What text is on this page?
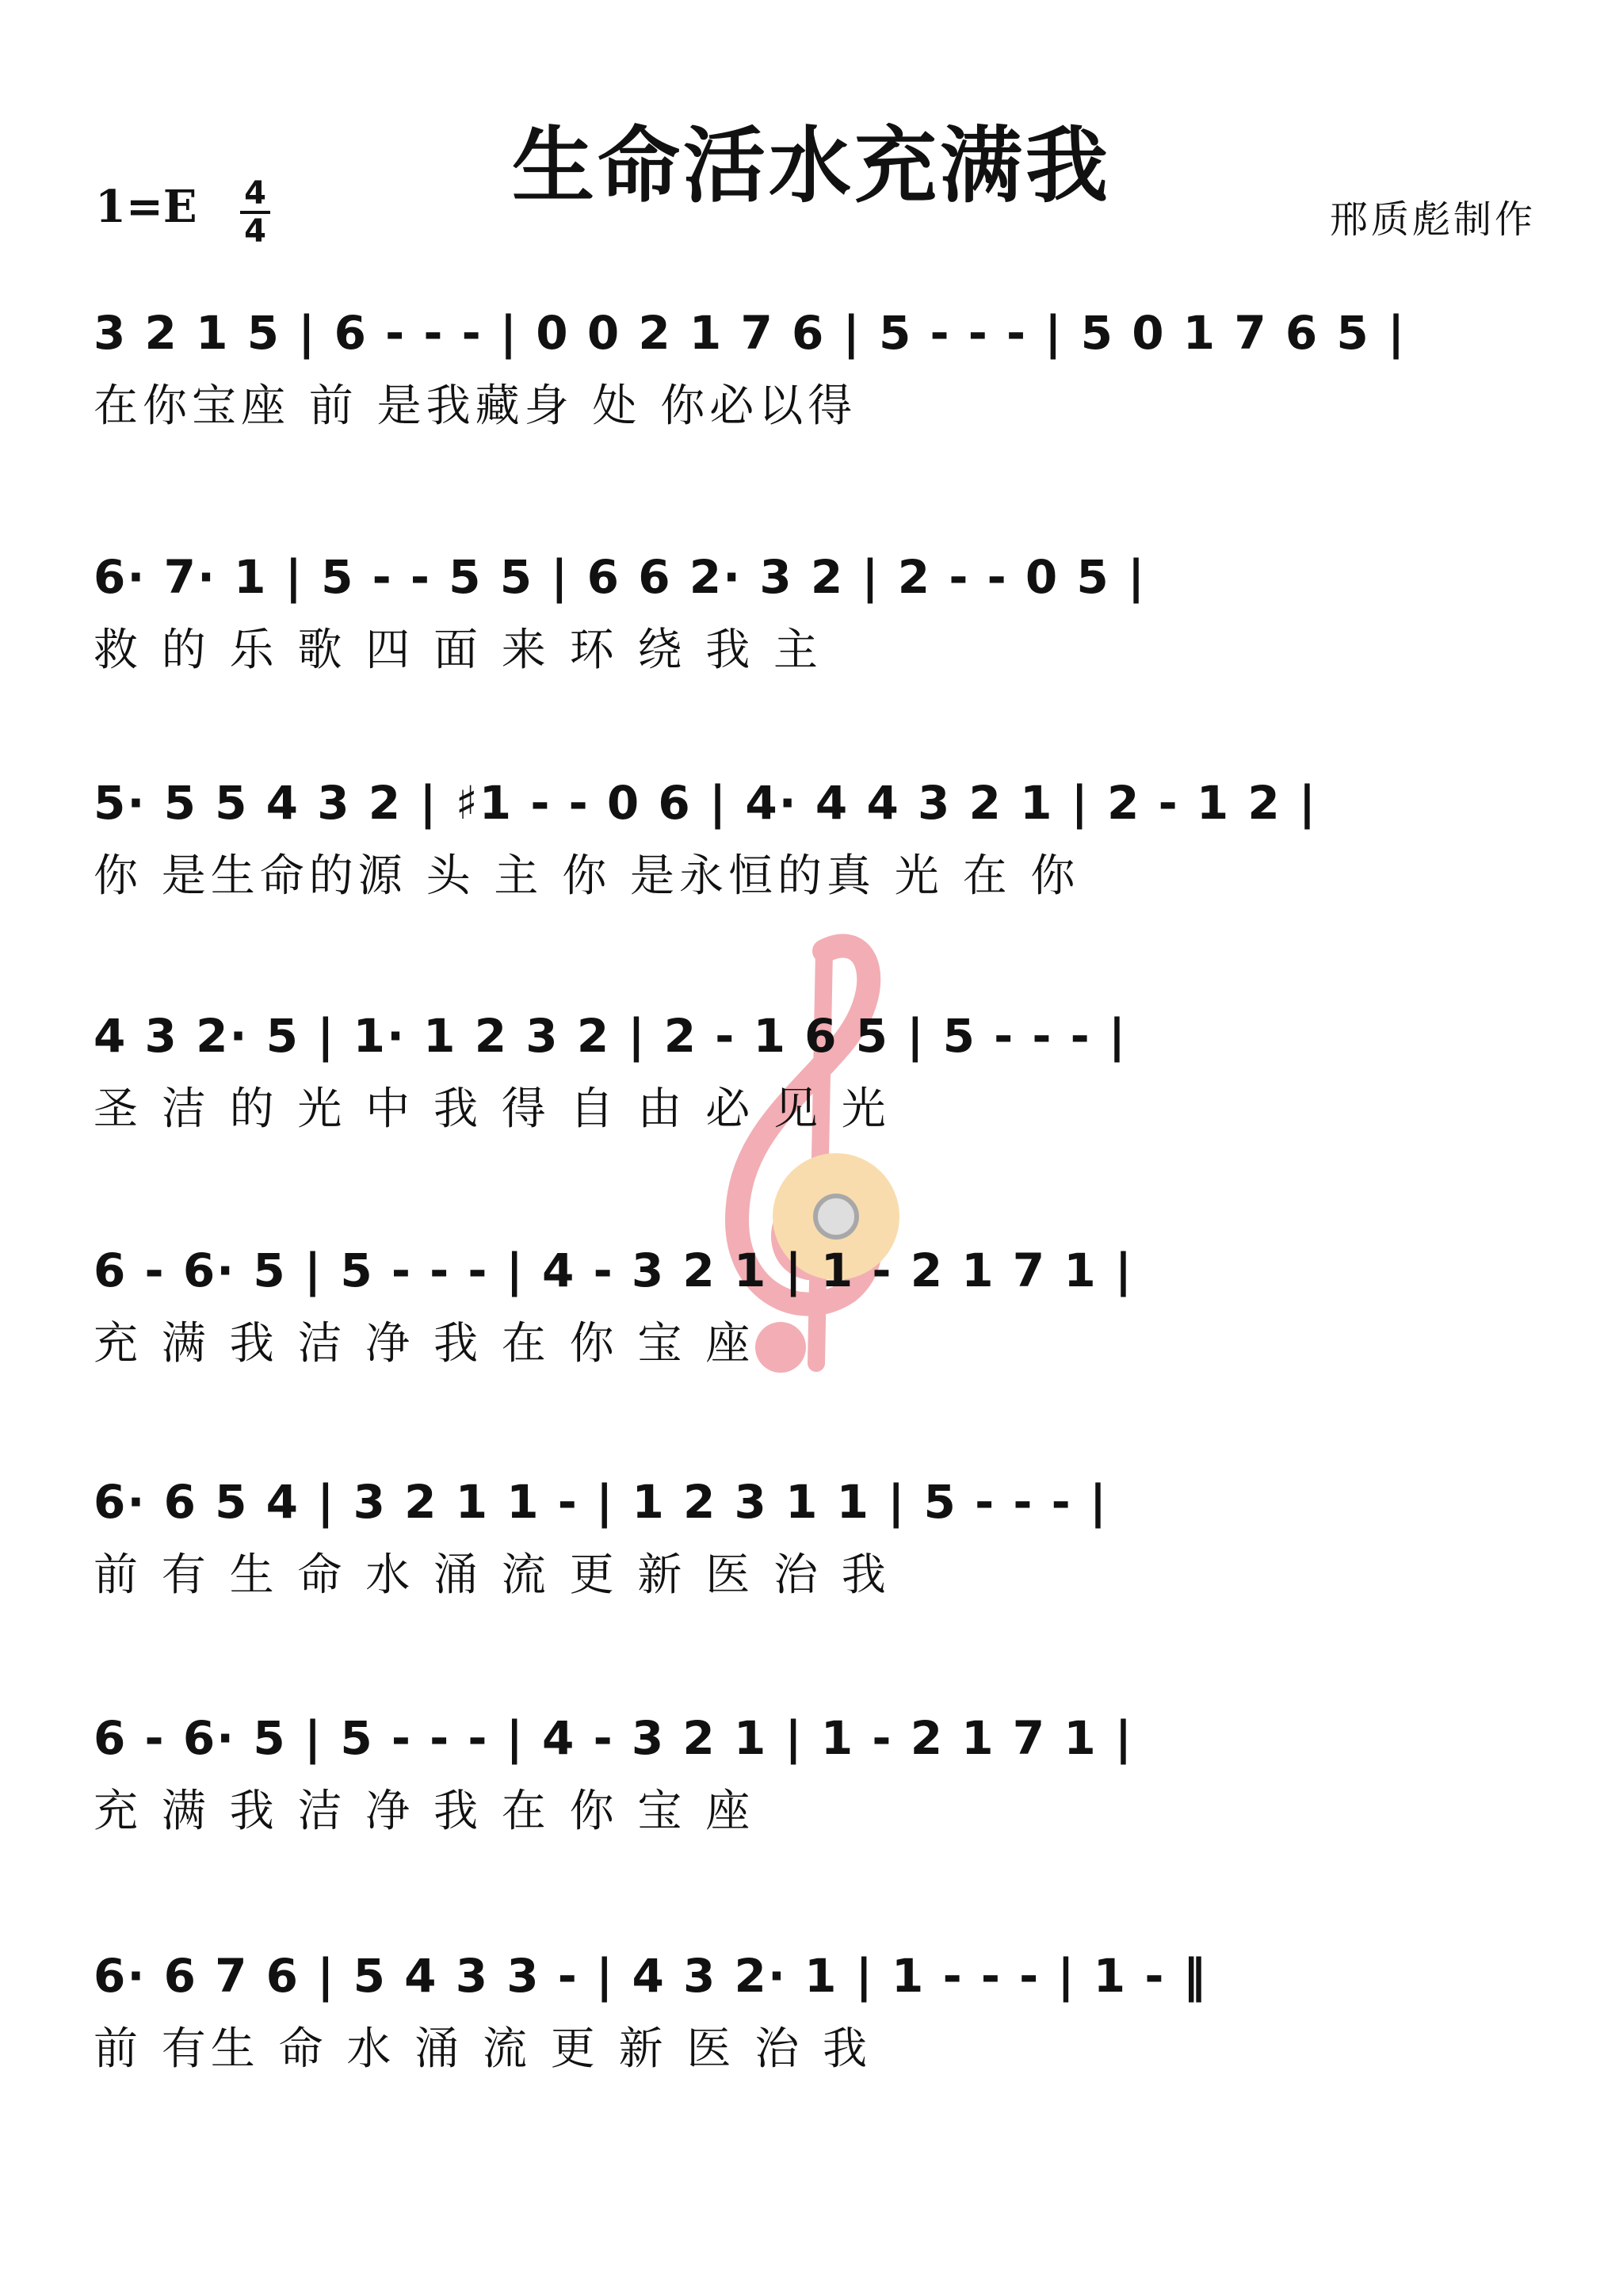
生命活水充满我
1=E 4
4	邢质彪制作
3 2 1 5 | 6 - - - | 0 0 2 1 7 6 | 5 - - - | 5 0 1 7 6 5 |
在你宝座 前 是我藏身 处 你必以得
6· 7· 1 | 5 - - 5 5 | 6 6 2· 3 2 | 2 - - 0 5 |
救 的 乐 歌 四 面 来 环 绕 我 主
5· 5 5 4 3 2 | ♯1 - - 0 6 | 4· 4 4 3 2 1 | 2 - 1 2 |
你 是生命的源 头 主 你 是永恒的真 光 在 你
4 3 2· 5 | 1· 1 2 3 2 | 2 - 1 6 5 | 5 - - - |
圣 洁 的 光 中 我 得 自 由 必 见 光
6 - 6· 5 | 5 - - - | 4 - 3 2 1 | 1 - 2 1 7 1 |
充 满 我 洁 净 我 在 你 宝 座
6· 6 5 4 | 3 2 1 1 - | 1 2 3 1 1 | 5 - - - |
前 有 生 命 水 涌 流 更 新 医 治 我
6 - 6· 5 | 5 - - - | 4 - 3 2 1 | 1 - 2 1 7 1 |
充 满 我 洁 净 我 在 你 宝 座
6· 6 7 6 | 5 4 3 3 - | 4 3 2· 1 | 1 - - - | 1 - ‖
前 有生 命 水 涌 流 更 新 医 治 我
